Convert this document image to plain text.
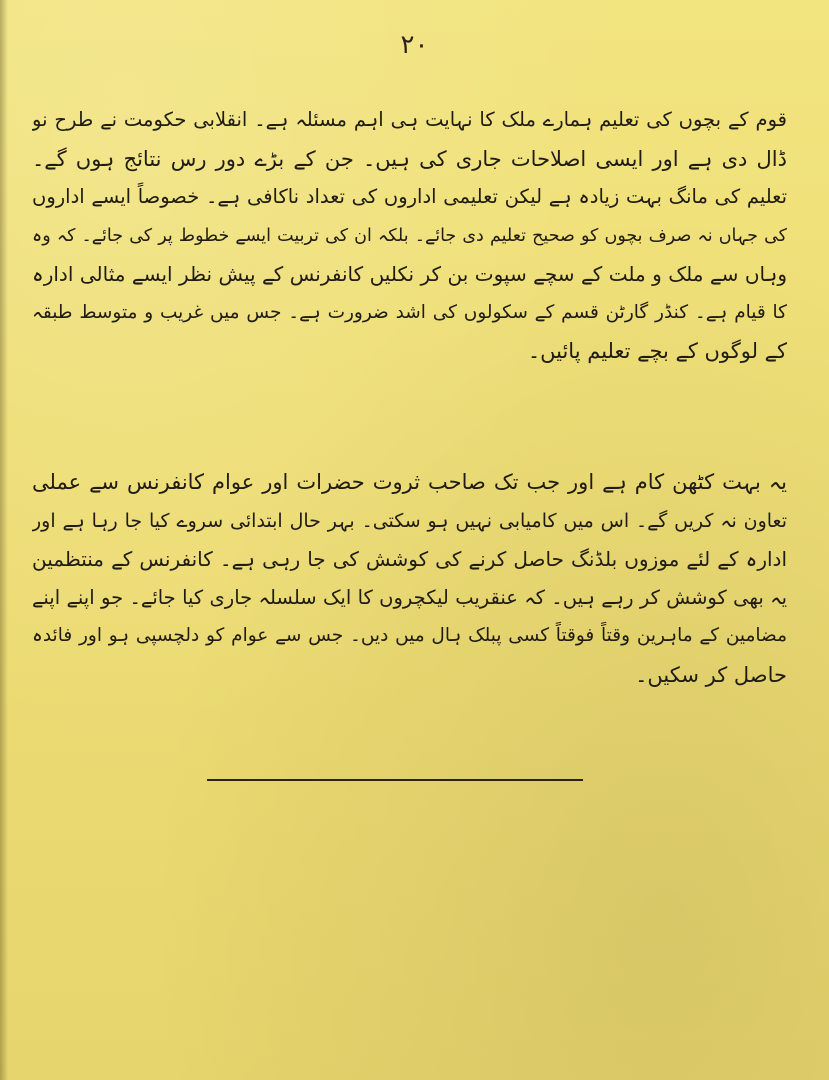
۲۰

قوم کے بچوں کی تعلیم ہمارے ملک کا نہایت ہی اہم مسئلہ ہے۔ انقلابی حکومت نے طرح نو
ڈال دی ہے اور ایسی اصلاحات جاری کی ہیں۔ جن کے بڑے دور رس نتائج ہوں گے۔
تعلیم کی مانگ بہت زیادہ ہے لیکن تعلیمی اداروں کی تعداد ناکافی ہے۔ خصوصاً ایسے اداروں
کی جہاں نہ صرف بچوں کو صحیح تعلیم دی جائے۔ بلکہ ان کی تربیت ایسے خطوط پر کی جائے۔ کہ وہ
وہاں سے ملک و ملت کے سچے سپوت بن کر نکلیں کانفرنس کے پیش نظر ایسے مثالی ادارہ
کا قیام ہے۔ کنڈر گارٹن قسم کے سکولوں کی اشد ضرورت ہے۔ جس میں غریب و متوسط طبقہ
کے لوگوں کے بچے تعلیم پائیں۔

یہ بہت کٹھن کام ہے اور جب تک صاحب ثروت حضرات اور عوام کانفرنس سے عملی
تعاون نہ کریں گے۔ اس میں کامیابی نہیں ہو سکتی۔ بہر حال ابتدائی سروے کیا جا رہا ہے اور
ادارہ کے لئے موزوں بلڈنگ حاصل کرنے کی کوشش کی جا رہی ہے۔ کانفرنس کے منتظمین
یہ بھی کوشش کر رہے ہیں۔ کہ عنقریب لیکچروں کا ایک سلسلہ جاری کیا جائے۔ جو اپنے اپنے
مضامین کے ماہرین وقتاً فوقتاً کسی پبلک ہال میں دیں۔ جس سے عوام کو دلچسپی ہو اور فائدہ
حاصل کر سکیں۔
